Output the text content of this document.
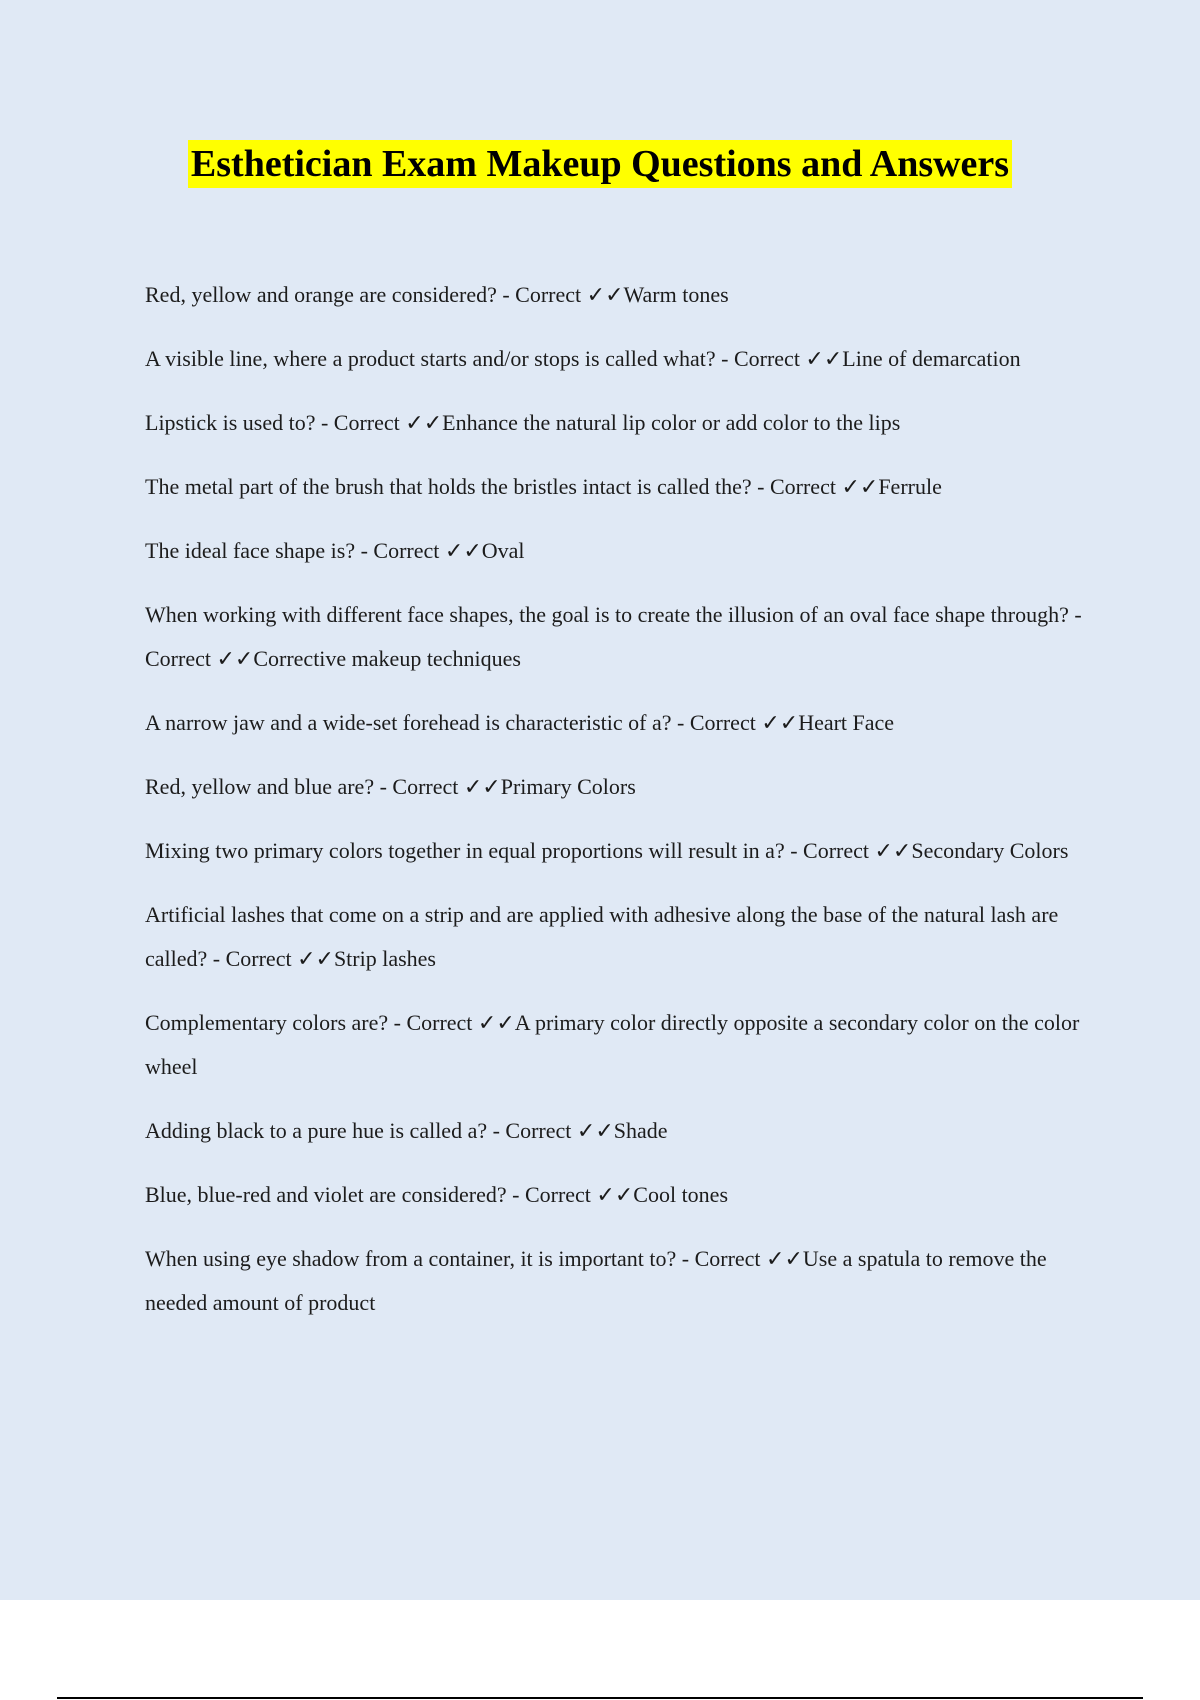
Esthetician Exam Makeup Questions and Answers

Red, yellow and orange are considered? - Correct ✓✓Warm tones

A visible line, where a product starts and/or stops is called what? - Correct ✓✓Line of demarcation

Lipstick is used to? - Correct ✓✓Enhance the natural lip color or add color to the lips

The metal part of the brush that holds the bristles intact is called the? - Correct ✓✓Ferrule

The ideal face shape is? - Correct ✓✓Oval

When working with different face shapes, the goal is to create the illusion of an oval face shape through? - Correct ✓✓Corrective makeup techniques

A narrow jaw and a wide-set forehead is characteristic of a? - Correct ✓✓Heart Face

Red, yellow and blue are? - Correct ✓✓Primary Colors

Mixing two primary colors together in equal proportions will result in a? - Correct ✓✓Secondary Colors

Artificial lashes that come on a strip and are applied with adhesive along the base of the natural lash are called? - Correct ✓✓Strip lashes

Complementary colors are? - Correct ✓✓A primary color directly opposite a secondary color on the color wheel

Adding black to a pure hue is called a? - Correct ✓✓Shade

Blue, blue-red and violet are considered? - Correct ✓✓Cool tones

When using eye shadow from a container, it is important to? - Correct ✓✓Use a spatula to remove the needed amount of product
